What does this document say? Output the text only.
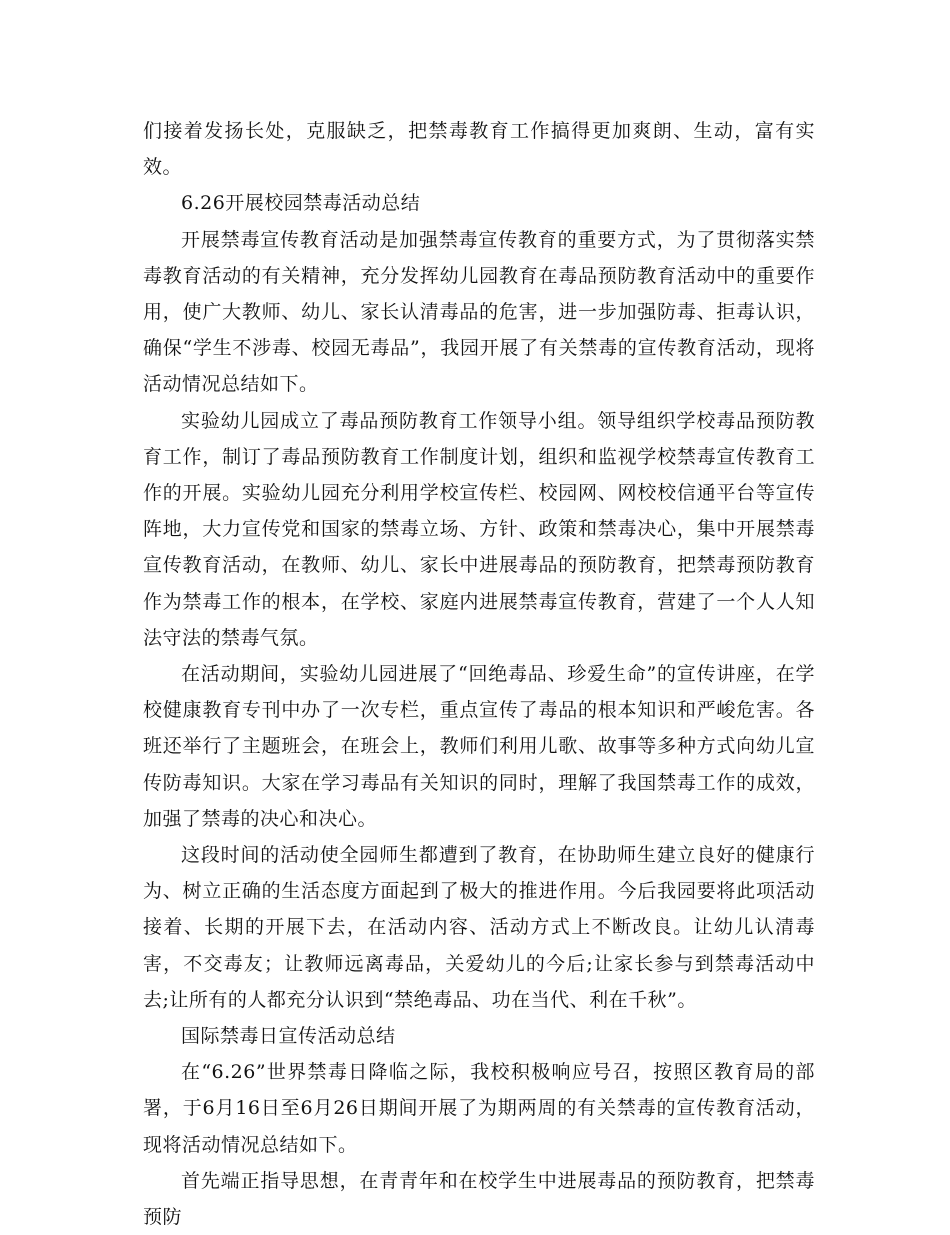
们接着发扬长处，克服缺乏，把禁毒教育工作搞得更加爽朗、生动，富有实效。

6.26开展校园禁毒活动总结

开展禁毒宣传教育活动是加强禁毒宣传教育的重要方式，为了贯彻落实禁毒教育活动的有关精神，充分发挥幼儿园教育在毒品预防教育活动中的重要作用，使广大教师、幼儿、家长认清毒品的危害，进一步加强防毒、拒毒认识，确保“学生不涉毒、校园无毒品”，我园开展了有关禁毒的宣传教育活动，现将活动情况总结如下。

实验幼儿园成立了毒品预防教育工作领导小组。领导组织学校毒品预防教育工作，制订了毒品预防教育工作制度计划，组织和监视学校禁毒宣传教育工作的开展。实验幼儿园充分利用学校宣传栏、校园网、网校校信通平台等宣传阵地，大力宣传党和国家的禁毒立场、方针、政策和禁毒决心，集中开展禁毒宣传教育活动，在教师、幼儿、家长中进展毒品的预防教育，把禁毒预防教育作为禁毒工作的根本，在学校、家庭内进展禁毒宣传教育，营建了一个人人知法守法的禁毒气氛。

在活动期间，实验幼儿园进展了“回绝毒品、珍爱生命”的宣传讲座，在学校健康教育专刊中办了一次专栏，重点宣传了毒品的根本知识和严峻危害。各班还举行了主题班会，在班会上，教师们利用儿歌、故事等多种方式向幼儿宣传防毒知识。大家在学习毒品有关知识的同时，理解了我国禁毒工作的成效，加强了禁毒的决心和决心。

这段时间的活动使全园师生都遭到了教育，在协助师生建立良好的健康行为、树立正确的生活态度方面起到了极大的推进作用。今后我园要将此项活动接着、长期的开展下去，在活动内容、活动方式上不断改良。让幼儿认清毒害，不交毒友；让教师远离毒品，关爱幼儿的今后;让家长参与到禁毒活动中去;让所有的人都充分认识到“禁绝毒品、功在当代、利在千秋”。

国际禁毒日宣传活动总结

在“6.26”世界禁毒日降临之际，我校积极响应号召，按照区教育局的部署，于6月16日至6月26日期间开展了为期两周的有关禁毒的宣传教育活动，现将活动情况总结如下。

首先端正指导思想，在青青年和在校学生中进展毒品的预防教育，把禁毒预防
